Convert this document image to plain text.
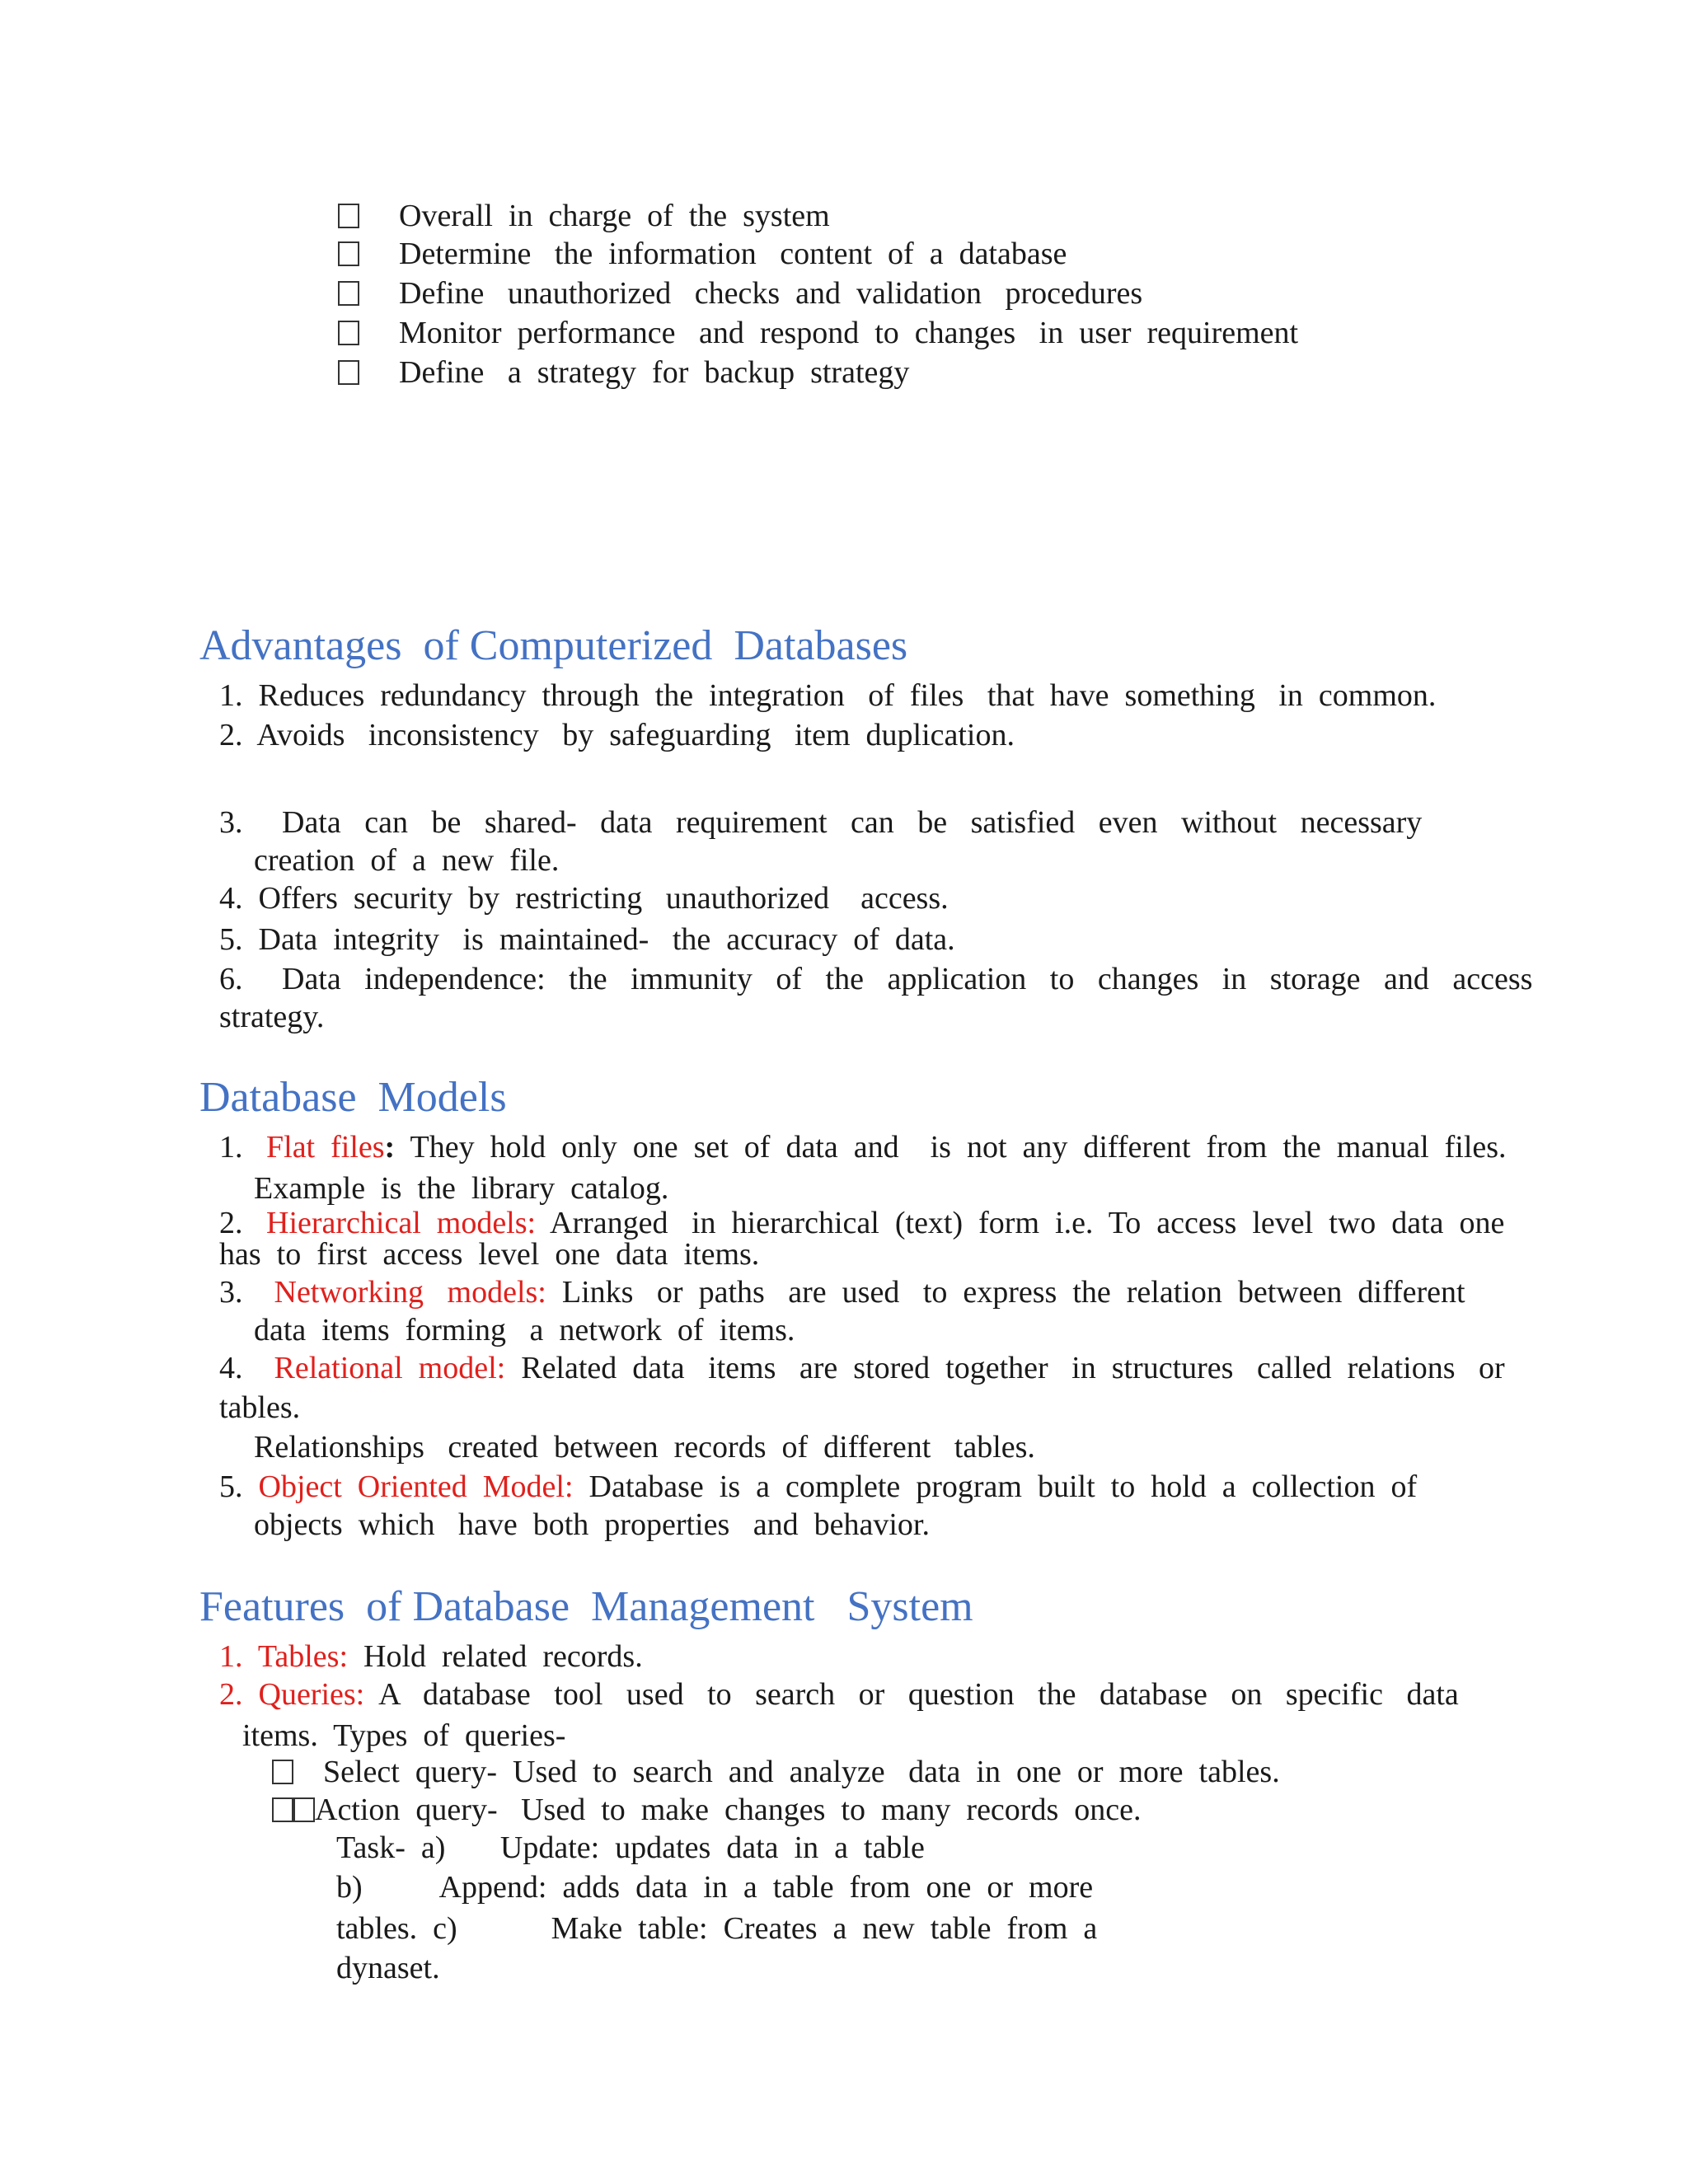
Overall  in  charge  of  the  system
Determine   the  information   content  of  a  database
Define   unauthorized   checks  and  validation   procedures
Monitor  performance   and  respond  to  changes   in  user  requirement
Define   a  strategy  for  backup  strategy
Advantages  of Computerized  Databases
1.  Reduces  redundancy  through  the  integration   of  files   that  have  something   in  common.
2.  Avoids   inconsistency   by  safeguarding   item  duplication.
3.     Data   can   be   shared-   data   requirement   can   be   satisfied   even   without   necessary
creation  of  a  new  file.
4.  Offers  security  by  restricting   unauthorized    access.
5.  Data  integrity   is  maintained-   the  accuracy  of  data.
6.     Data   independence:   the   immunity   of   the   application   to   changes   in   storage   and   access
strategy.
Database  Models
1.   Flat  files:  They  hold  only  one  set  of  data  and    is  not  any  different  from  the  manual  files.
Example  is  the  library  catalog.
2.   Hierarchical  models:  Arranged   in  hierarchical  (text)  form  i.e.  To  access  level  two  data  one
has  to  first  access  level  one  data  items.
3.    Networking   models:  Links   or  paths   are  used   to  express  the  relation  between  different
data  items  forming   a  network  of  items.
4.    Relational  model:  Related  data   items   are  stored  together   in  structures   called  relations   or
tables.
Relationships   created  between  records  of  different   tables.
5.  Object  Oriented  Model:  Database  is  a  complete  program  built  to  hold  a  collection  of
objects  which   have  both  properties   and  behavior.
Features  of Database  Management   System
1.  Tables:  Hold  related  records.
2.  Queries:  A   database   tool   used   to   search   or   question   the   database   on   specific   data
items.  Types  of  queries-
Select  query-  Used  to  search  and  analyze   data  in  one  or  more  tables.
Action  query-   Used  to  make  changes  to  many  records  once.
Task-  a)       Update:  updates  data  in  a  table
b)          Append:  adds  data  in  a  table  from  one  or  more
tables.  c)            Make  table:  Creates  a  new  table  from  a
dynaset.
